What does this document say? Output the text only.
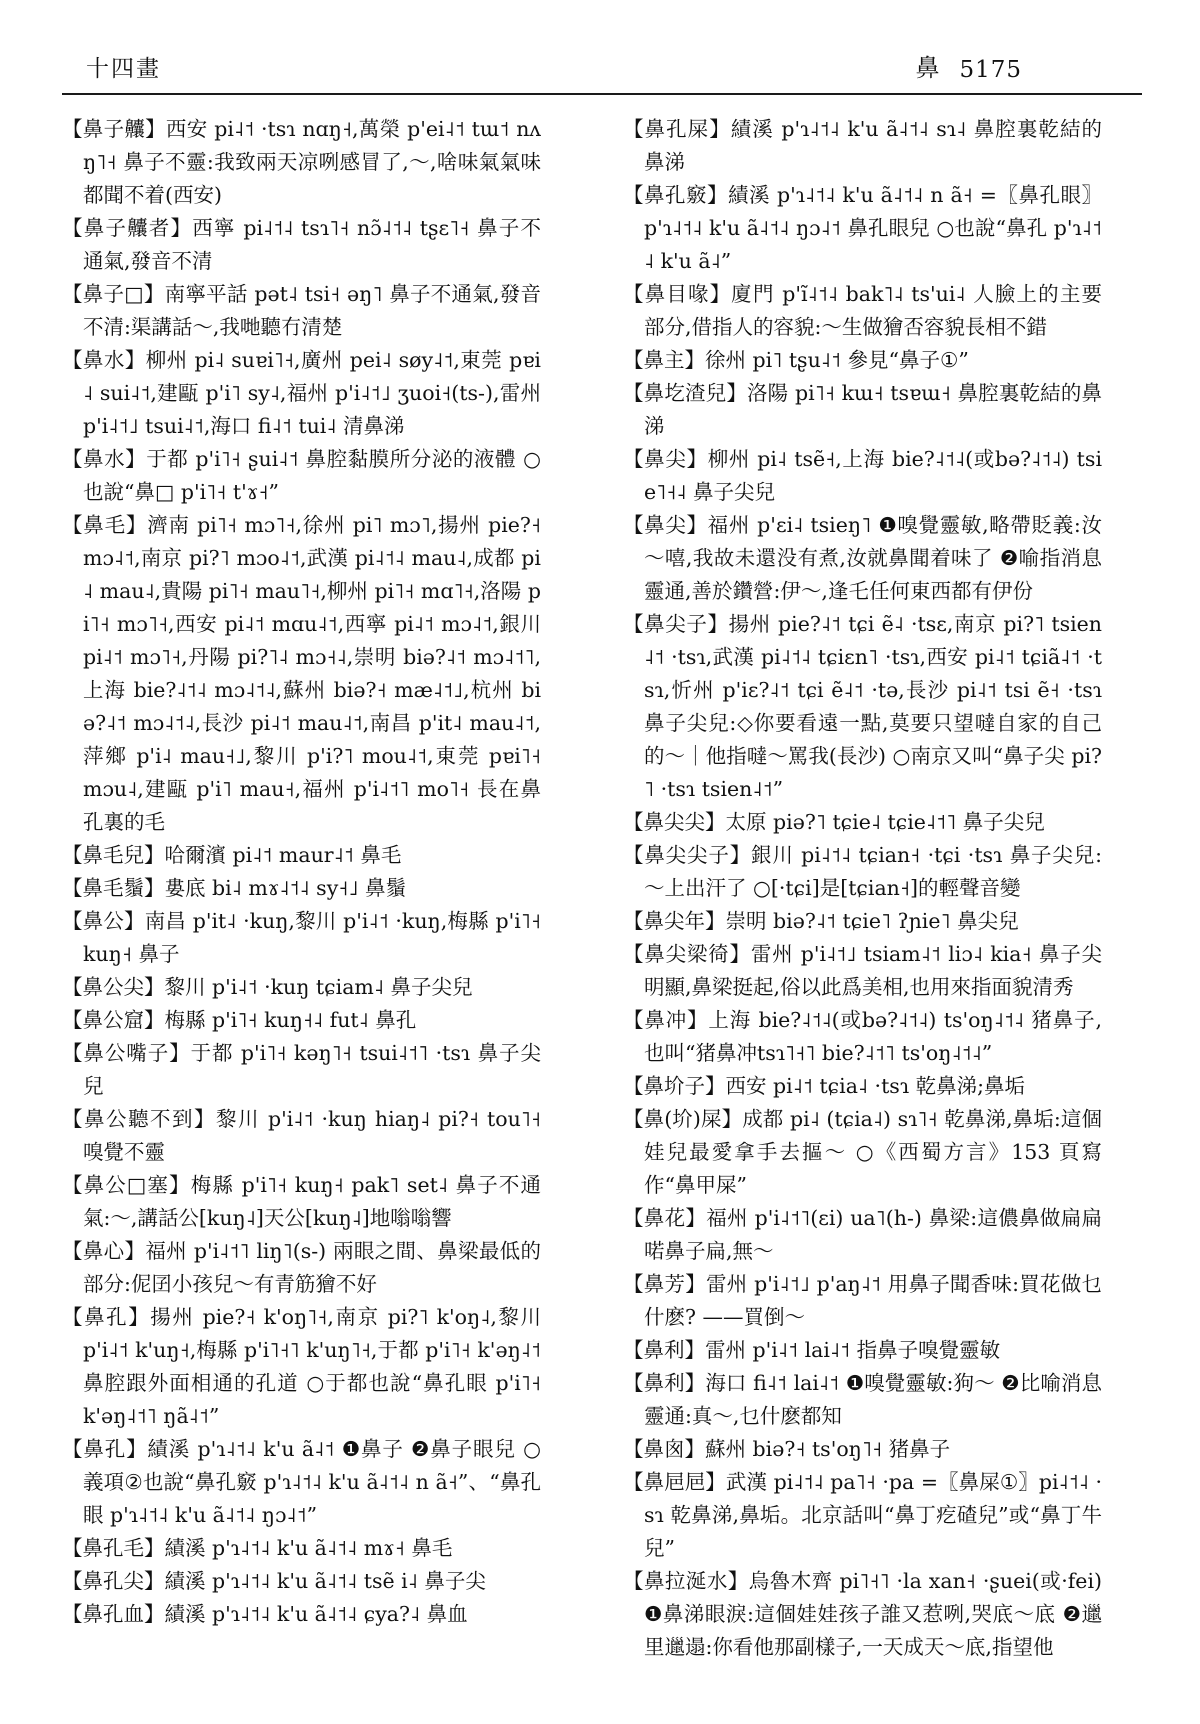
十四畫	鼻 5175

【鼻子齉】西安 pi˨˦ ·tsɿ nɑŋ˧,萬榮 p'ei˨˦ tɯ˦ nʌŋ˥˧ 鼻子不靈:我致兩天凉咧感冒了,～,啥味氣氣味都聞不着(西安)

【鼻子齉者】西寧 pi˨˦˨ tsɿ˥˧ nɔ̃˨˦˨ tʂɛ˥˧ 鼻子不通氣,發音不清

【鼻子□】南寧平話 pət˨ tsi˧ əŋ˥ 鼻子不通氣,發音不清:渠講話～,我哋聽冇清楚

【鼻水】柳州 pi˨ suɐi˥˧,廣州 pei˨ søy˨˦,東莞 pɐi˨ sui˨˦,建甌 p'i˥ sy˨,福州 p'i˨˦˩ ʒuoi˧(ts-),雷州 p'i˨˦˩ tsui˨˦,海口 fi˨˦ tui˨ 清鼻涕

【鼻水】于都 p'i˥˧ ʂui˨˦ 鼻腔黏膜所分泌的液體 ○也說“鼻□ p'i˥˧ t'ɤ˧”

【鼻毛】濟南 pi˥˧ mɔ˥˧,徐州 pi˥ mɔ˥,揚州 pie?˧ mɔ˨˦,南京 pi?˥ mɔo˨˦,武漢 pi˨˦˨ mau˨,成都 pi˨ mau˨,貴陽 pi˥˧ mau˥˧,柳州 pi˥˧ mɑ˥˧,洛陽 pi˥˧ mɔ˥˧,西安 pi˨˦ mɑu˨˦,西寧 pi˨˦ mɔ˨˦,銀川 pi˨˦ mɔ˥˧,丹陽 pi?˥˨ mɔ˧˨,崇明 biə?˨˦ mɔ˨˦˥,上海 bie?˨˦˨ mɔ˨˦˨,蘇州 biə?˧ mæ˨˦˩,杭州 biə?˨˦ mɔ˨˦˨,長沙 pi˨˦ mau˨˦,南昌 p'it˨ mau˨˦,萍鄉 p'i˨ mau˧˩,黎川 p'i?˥ mou˨˦,東莞 pɐi˥˧ mɔu˨,建甌 p'i˥ mau˧,福州 p'i˨˦˥ mo˥˧ 長在鼻孔裏的毛

【鼻毛兒】哈爾濱 pi˨˦ maur˨˦ 鼻毛

【鼻毛鬚】婁底 bi˨ mɤ˨˦˨ sy˧˩ 鼻鬚

【鼻公】南昌 p'it˨ ·kuŋ,黎川 p'i˨˦ ·kuŋ,梅縣 p'i˥˧ kuŋ˧ 鼻子

【鼻公尖】黎川 p'i˨˦ ·kuŋ tɕiam˨ 鼻子尖兒

【鼻公窟】梅縣 p'i˥˧ kuŋ˧˨ fut˨ 鼻孔

【鼻公嘴子】于都 p'i˥˧ kəŋ˥˧ tsui˨˦˥ ·tsɿ 鼻子尖兒

【鼻公聽不到】黎川 p'i˨˦ ·kuŋ hiaŋ˨ pi?˧ tou˥˧ 嗅覺不靈

【鼻公□塞】梅縣 p'i˥˧ kuŋ˧ pak˥ set˨ 鼻子不通氣:～,講話公[kuŋ˨]天公[kuŋ˨]地嗡嗡響

【鼻心】福州 p'i˨˦˥ liŋ˥(s-) 兩眼之間、鼻梁最低的部分:伲囝小孩兒～有青筋獪不好

【鼻孔】揚州 pie?˧ k'oŋ˥˧,南京 pi?˥ k'oŋ˨,黎川 p'i˨˦ k'uŋ˧,梅縣 p'i˥˧˥ k'uŋ˥˧,于都 p'i˥˧ k'əŋ˨˦ 鼻腔跟外面相通的孔道 ○于都也說“鼻孔眼 p'i˥˧ k'əŋ˨˦˥ ŋã˨˦”

【鼻孔】績溪 p'ɿ˨˦˨ k'u ã˨˦ ❶鼻子 ❷鼻子眼兒 ○義項②也說“鼻孔竅 p'ɿ˨˦˨ k'u ã˨˦˨ n ã˧”、“鼻孔眼 p'ɿ˨˦˨ k'u ã˨˦˨ ŋɔ˨˦”

【鼻孔毛】績溪 p'ɿ˨˦˨ k'u ã˨˦˨ mɤ˧ 鼻毛

【鼻孔尖】績溪 p'ɿ˨˦˨ k'u ã˨˦˨ tsẽ i˨ 鼻子尖

【鼻孔血】績溪 p'ɿ˨˦˨ k'u ã˨˦˨ ɕya?˨ 鼻血

【鼻孔屎】績溪 p'ɿ˨˦˨ k'u ã˨˦˨ sɿ˨ 鼻腔裏乾結的鼻涕

【鼻孔竅】績溪 p'ɿ˨˦˨ k'u ã˨˦˨ n ã˧ =〖鼻孔眼〗p'ɿ˨˦˨ k'u ã˨˦˨ ŋɔ˨˦ 鼻孔眼兒 ○也說“鼻孔 p'ɿ˨˦˨ k'u ã˨”

【鼻目喙】廈門 p'ĩ˨˦˨ bak˥˨ ts'ui˨ 人臉上的主要部分,借指人的容貌:～生做獪否容貌長相不錯

【鼻主】徐州 pi˥ tʂu˨˦ 參見“鼻子①”

【鼻圪渣兒】洛陽 pi˥˧ kɯ˧ tsɐɯ˧ 鼻腔裏乾結的鼻涕

【鼻尖】柳州 pi˨ tsẽ˧,上海 bie?˨˦˨(或bə?˨˦˨) tsie˥˧˨ 鼻子尖兒

【鼻尖】福州 p'ɛi˨ tsieŋ˥ ❶嗅覺靈敏,略帶貶義:汝～嘻,我故未還没有煮,汝就鼻聞着味了 ❷喻指消息靈通,善於鑽營:伊～,逢乇任何東西都有伊份

【鼻尖子】揚州 pie?˨˦ tɕi ẽ˨ ·tsɛ,南京 pi?˥ tsien˨˦ ·tsɿ,武漢 pi˨˦˨ tɕiɛn˥ ·tsɿ,西安 pi˨˦ tɕiã˨˦ ·tsɿ,忻州 p'iɛ?˨˦ tɕi ẽ˨˦ ·tə,長沙 pi˨˦ tsi ẽ˧ ·tsɿ 鼻子尖兒:◇你要看遠一點,莫要只望噠自家的自己的～｜他指噠～罵我(長沙) ○南京又叫“鼻子尖 pi?˥ ·tsɿ tsien˨˦”

【鼻尖尖】太原 piə?˥ tɕie˨ tɕie˨˦˥ 鼻子尖兒

【鼻尖尖子】銀川 pi˨˦˨ tɕian˧ ·tɕi ·tsɿ 鼻子尖兒:～上出汗了 ○[·tɕi]是[tɕian˧]的輕聲音變

【鼻尖年】崇明 biə?˨˦ tɕie˥ ʔɲie˥ 鼻尖兒

【鼻尖梁徛】雷州 p'i˨˦˩ tsiam˨˦ liɔ˨ kia˧ 鼻子尖明顯,鼻梁挺起,俗以此爲美相,也用來指面貌清秀

【鼻冲】上海 bie?˨˦˨(或bə?˨˦˨) ts'oŋ˨˦˨ 猪鼻子,也叫“猪鼻冲tsɿ˥˧˥ bie?˨˦˥ ts'oŋ˨˦˨”

【鼻圿子】西安 pi˨˦ tɕia˨ ·tsɿ 乾鼻涕;鼻垢

【鼻(圿)屎】成都 pi˨ (tɕia˨) sɿ˥˧ 乾鼻涕,鼻垢:這個娃兒最愛拿手去摳～ ○《西蜀方言》153 頁寫作“鼻甲屎”

【鼻花】福州 p'i˨˦˥(ɛi) ua˥(h-) 鼻梁:這儂鼻做扁扁喏鼻子扁,無～

【鼻芳】雷州 p'i˨˦˩ p'aŋ˨˦ 用鼻子聞香味:買花做乜什麽? ——買倒～

【鼻利】雷州 p'i˨˦ lai˨˦ 指鼻子嗅覺靈敏

【鼻利】海口 fi˨˦ lai˨˦ ❶嗅覺靈敏:狗～ ❷比喻消息靈通:真～,乜什麽都知

【鼻囪】蘇州 biə?˧ ts'oŋ˥˧ 猪鼻子

【鼻㞎㞎】武漢 pi˨˦˨ pa˥˧ ·pa =〖鼻屎①〗pi˨˦˨ ·sɿ 乾鼻涕,鼻垢。北京話叫“鼻丁疙碴兒”或“鼻丁牛兒”

【鼻拉涎水】烏魯木齊 pi˥˧˥ ·la xan˧ ·ʂuei(或·fei) ❶鼻涕眼淚:這個娃娃孩子誰又惹咧,哭底～底 ❷邋里邋遢:你看他那副樣子,一天成天～底,指望他
